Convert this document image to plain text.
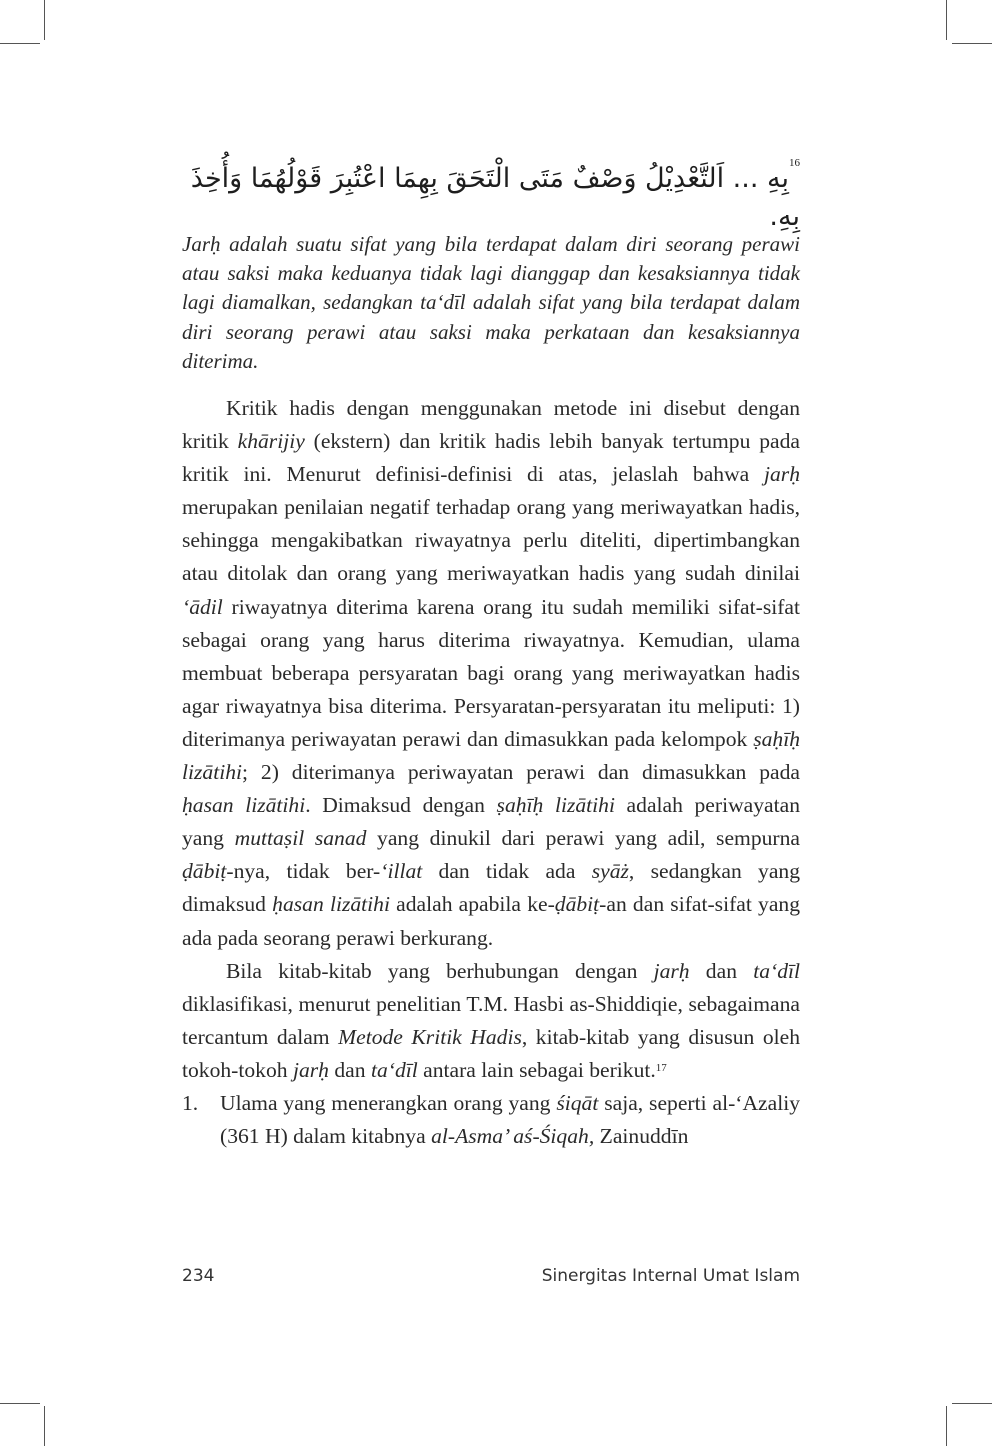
$^{16}$بِهِ ... اَلتَّعْدِيْلُ وَصْفٌ مَتَى الْتَحَقَ بِهِمَا اعْتُبِرَ قَوْلُهُمَا وَأُخِذَ بِهِ.

Jarḥ adalah suatu sifat yang bila terdapat dalam diri seorang perawi atau saksi maka keduanya tidak lagi dianggap dan kesaksiannya tidak lagi diamalkan, sedangkan ta‘dīl adalah sifat yang bila terdapat dalam diri seorang perawi atau saksi maka perkataan dan kesaksiannya diterima.

Kritik hadis dengan menggunakan metode ini disebut dengan kritik khārijiy (ekstern) dan kritik hadis lebih banyak tertumpu pada kritik ini. Menurut definisi-definisi di atas, jelaslah bahwa jarḥ merupakan penilaian negatif terhadap orang yang meriwayatkan hadis, sehingga mengakibatkan riwayatnya perlu diteliti, dipertimbangkan atau ditolak dan orang yang meriwayatkan hadis yang sudah dinilai ‘ādil riwayatnya diterima karena orang itu sudah memiliki sifat-sifat sebagai orang yang harus diterima riwayatnya. Kemudian, ulama membuat beberapa persyaratan bagi orang yang meriwayatkan hadis agar riwayatnya bisa diterima. Persyaratan-persyaratan itu meliputi: 1) diterimanya periwayatan perawi dan dimasukkan pada kelompok ṣaḥīḥ lizātihi; 2) diterimanya periwayatan perawi dan dimasukkan pada ḥasan lizātihi. Dimaksud dengan ṣaḥīḥ lizātihi adalah periwayatan yang muttaṣil sanad yang dinukil dari perawi yang adil, sempurna ḍābiṭ-nya, tidak ber-‘illat dan tidak ada syāż, sedangkan yang dimaksud ḥasan lizātihi adalah apabila ke-ḍābiṭ-an dan sifat-sifat yang ada pada seorang perawi berkurang.

Bila kitab-kitab yang berhubungan dengan jarḥ dan ta‘dīl diklasifikasi, menurut penelitian T.M. Hasbi as-Shiddiqie, sebagaimana tercantum dalam Metode Kritik Hadis, kitab-kitab yang disusun oleh tokoh-tokoh jarḥ dan ta‘dīl antara lain sebagai berikut.$^{17}$

1. Ulama yang menerangkan orang yang śiqāt saja, seperti al-‘Azaliy (361 H) dalam kitabnya al-Asma’ aś-Śiqah, Zainuddīn
234	Sinergitas Internal Umat Islam
